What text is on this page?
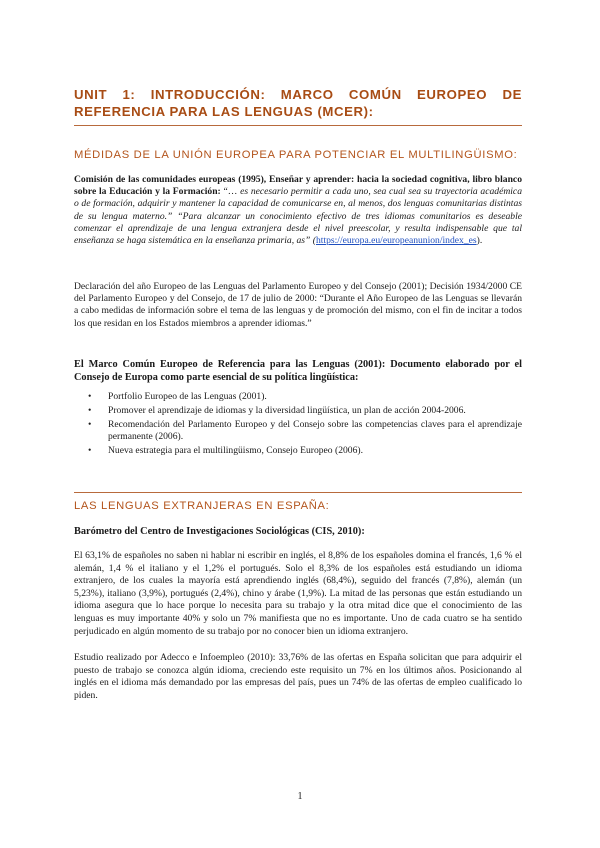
UNIT 1: INTRODUCCIÓN: MARCO COMÚN EUROPEO DE REFERENCIA PARA LAS LENGUAS (MCER):
MÉDIDAS DE LA UNIÓN EUROPEA PARA POTENCIAR EL MULTILINGÜISMO:

Comisión de las comunidades europeas (1995), Enseñar y aprender: hacia la sociedad cognitiva, libro blanco sobre la Educación y la Formación: “… es necesario permitir a cada uno, sea cual sea su trayectoria académica o de formación, adquirir y mantener la capacidad de comunicarse en, al menos, dos lenguas comunitarias distintas de su lengua materno.” “Para alcanzar un conocimiento efectivo de tres idiomas comunitarios es deseable comenzar el aprendizaje de una lengua extranjera desde el nivel preescolar, y resulta indispensable que tal enseñanza se haga sistemática en la enseñanza primaria, as” (https://europa.eu/europeanunion/index_es).

Declaración del año Europeo de las Lenguas del Parlamento Europeo y del Consejo (2001); Decisión 1934/2000 CE del Parlamento Europeo y del Consejo, de 17 de julio de 2000: “Durante el Año Europeo de las Lenguas se llevarán a cabo medidas de información sobre el tema de las lenguas y de promoción del mismo, con el fin de incitar a todos los que residan en los Estados miembros a aprender idiomas.”

El Marco Común Europeo de Referencia para las Lenguas (2001): Documento elaborado por el Consejo de Europa como parte esencial de su política lingüística:

• Portfolio Europeo de las Lenguas (2001).
• Promover el aprendizaje de idiomas y la diversidad lingüística, un plan de acción 2004-2006.
• Recomendación del Parlamento Europeo y del Consejo sobre las competencias claves para el aprendizaje permanente (2006).
• Nueva estrategia para el multilingüismo, Consejo Europeo (2006).
LAS LENGUAS EXTRANJERAS EN ESPAÑA:

Barómetro del Centro de Investigaciones Sociológicas (CIS, 2010):

El 63,1% de españoles no saben ni hablar ni escribir en inglés, el 8,8% de los españoles domina el francés, 1,6 % el alemán, 1,4 % el italiano y el 1,2% el portugués. Solo el 8,3% de los españoles está estudiando un idioma extranjero, de los cuales la mayoría está aprendiendo inglés (68,4%), seguido del francés (7,8%), alemán (un 5,23%), italiano (3,9%), portugués (2,4%), chino y árabe (1,9%). La mitad de las personas que están estudiando un idioma asegura que lo hace porque lo necesita para su trabajo y la otra mitad dice que el conocimiento de las lenguas es muy importante 40% y solo un 7% manifiesta que no es importante. Uno de cada cuatro se ha sentido perjudicado en algún momento de su trabajo por no conocer bien un idioma extranjero.

Estudio realizado por Adecco e Infoempleo (2010): 33,76% de las ofertas en España solicitan que para adquirir el puesto de trabajo se conozca algún idioma, creciendo este requisito un 7% en los últimos años. Posicionando al inglés en el idioma más demandado por las empresas del país, pues un 74% de las ofertas de empleo cualificado lo piden.

1
